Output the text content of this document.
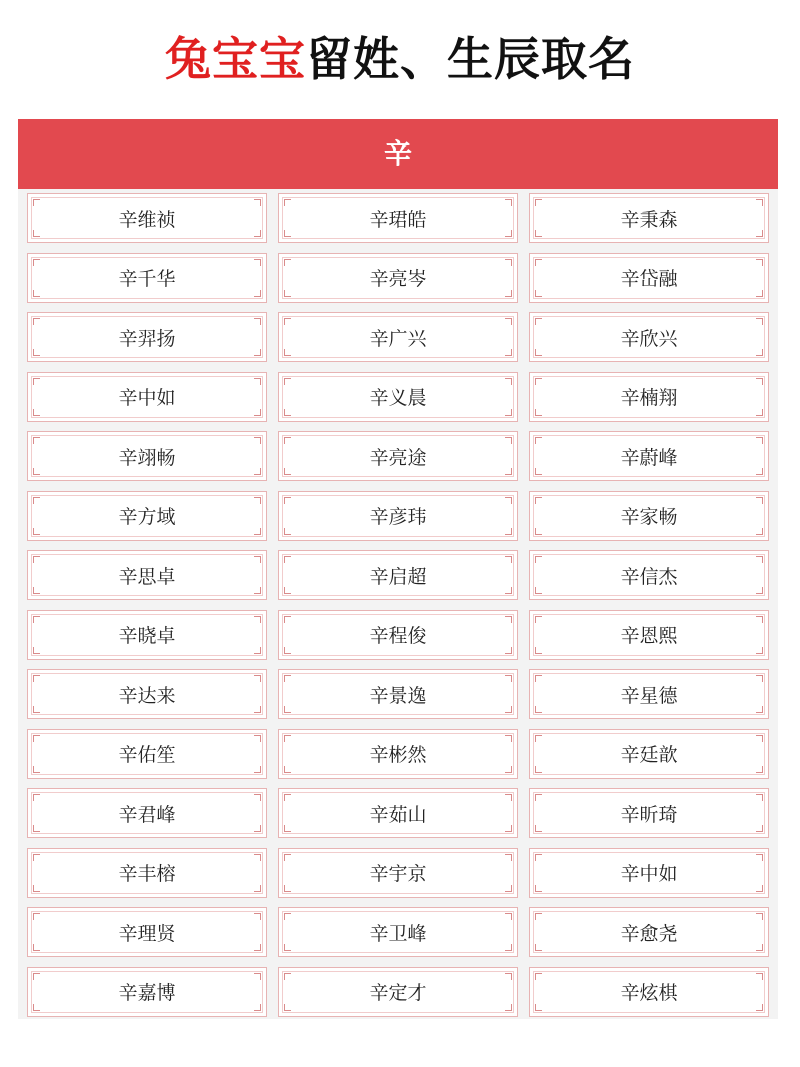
兔宝宝留姓、生辰取名
辛
辛维祯	辛珺皓	辛秉森
辛千华	辛亮岑	辛岱融
辛羿扬	辛广兴	辛欣兴
辛中如	辛义晨	辛楠翔
辛翊畅	辛亮途	辛蔚峰
辛方域	辛彦玮	辛家畅
辛思卓	辛启超	辛信杰
辛晓卓	辛程俊	辛恩熙
辛达来	辛景逸	辛星德
辛佑笙	辛彬然	辛廷歆
辛君峰	辛茹山	辛昕琦
辛丰榕	辛宇京	辛中如
辛理贤	辛卫峰	辛愈尧
辛嘉博	辛定才	辛炫棋
